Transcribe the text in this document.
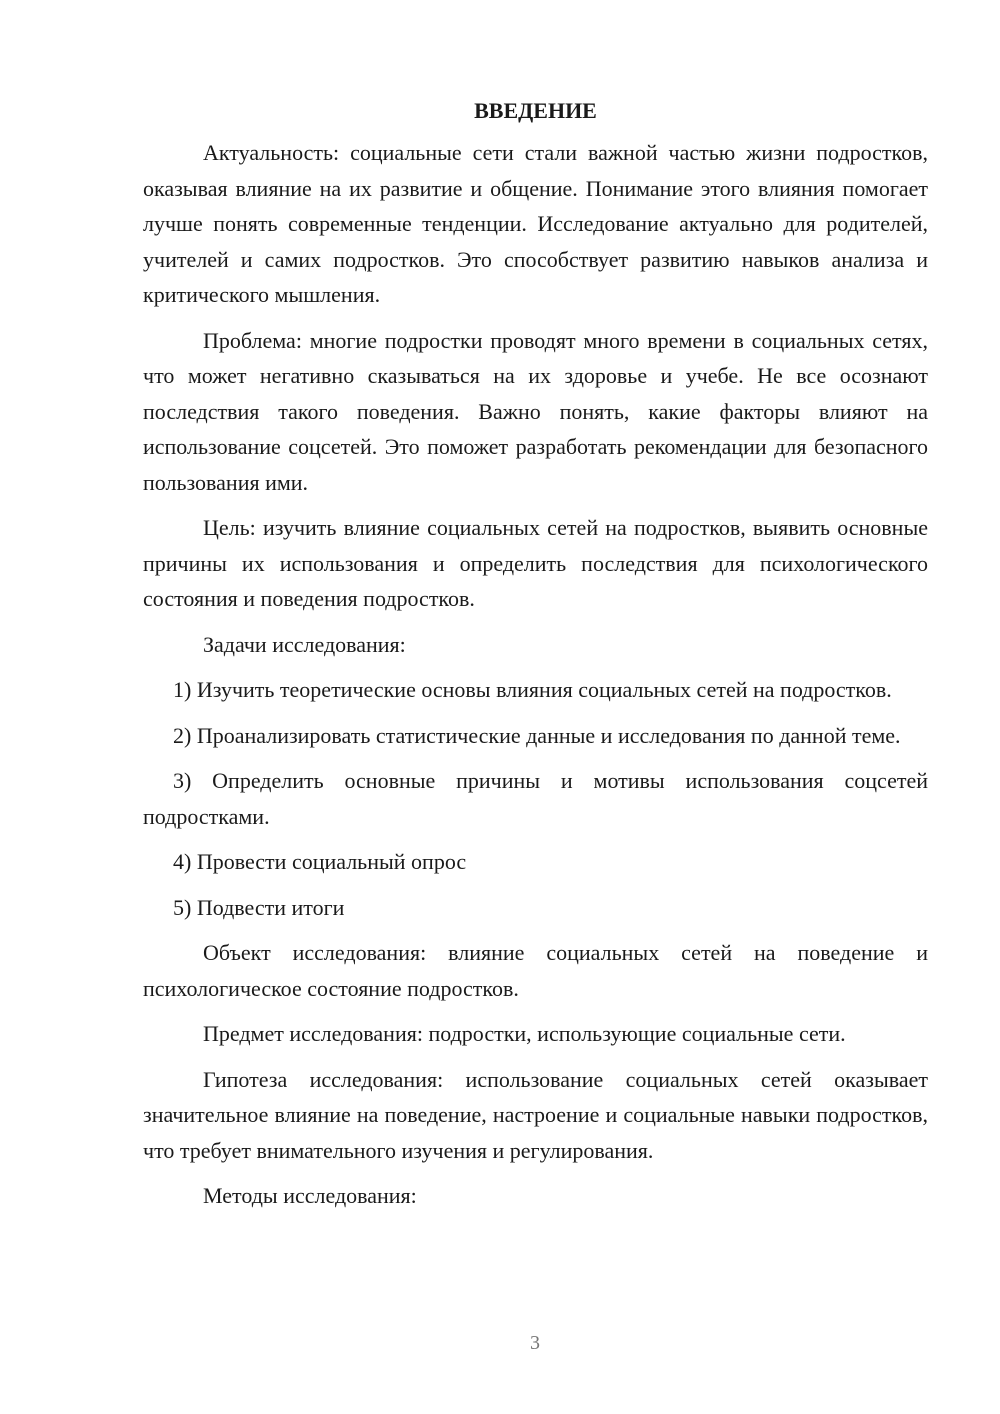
ВВЕДЕНИЕ

Актуальность: социальные сети стали важной частью жизни подростков, оказывая влияние на их развитие и общение. Понимание этого влияния помогает лучше понять современные тенденции. Исследование актуально для родителей, учителей и самих подростков. Это способствует развитию навыков анализа и критического мышления.

Проблема: многие подростки проводят много времени в социальных сетях, что может негативно сказываться на их здоровье и учебе. Не все осознают последствия такого поведения. Важно понять, какие факторы влияют на использование соцсетей. Это поможет разработать рекомендации для безопасного пользования ими.

Цель: изучить влияние социальных сетей на подростков, выявить основные причины их использования и определить последствия для психологического состояния и поведения подростков.

Задачи исследования:

1) Изучить теоретические основы влияния социальных сетей на подростков.

2) Проанализировать статистические данные и исследования по данной теме.

3) Определить основные причины и мотивы использования соцсетей подростками.

4) Провести социальный опрос

5) Подвести итоги

Объект исследования: влияние социальных сетей на поведение и психологическое состояние подростков.

Предмет исследования: подростки, использующие социальные сети.

Гипотеза исследования: использование социальных сетей оказывает значительное влияние на поведение, настроение и социальные навыки подростков, что требует внимательного изучения и регулирования.

Методы исследования:

3
